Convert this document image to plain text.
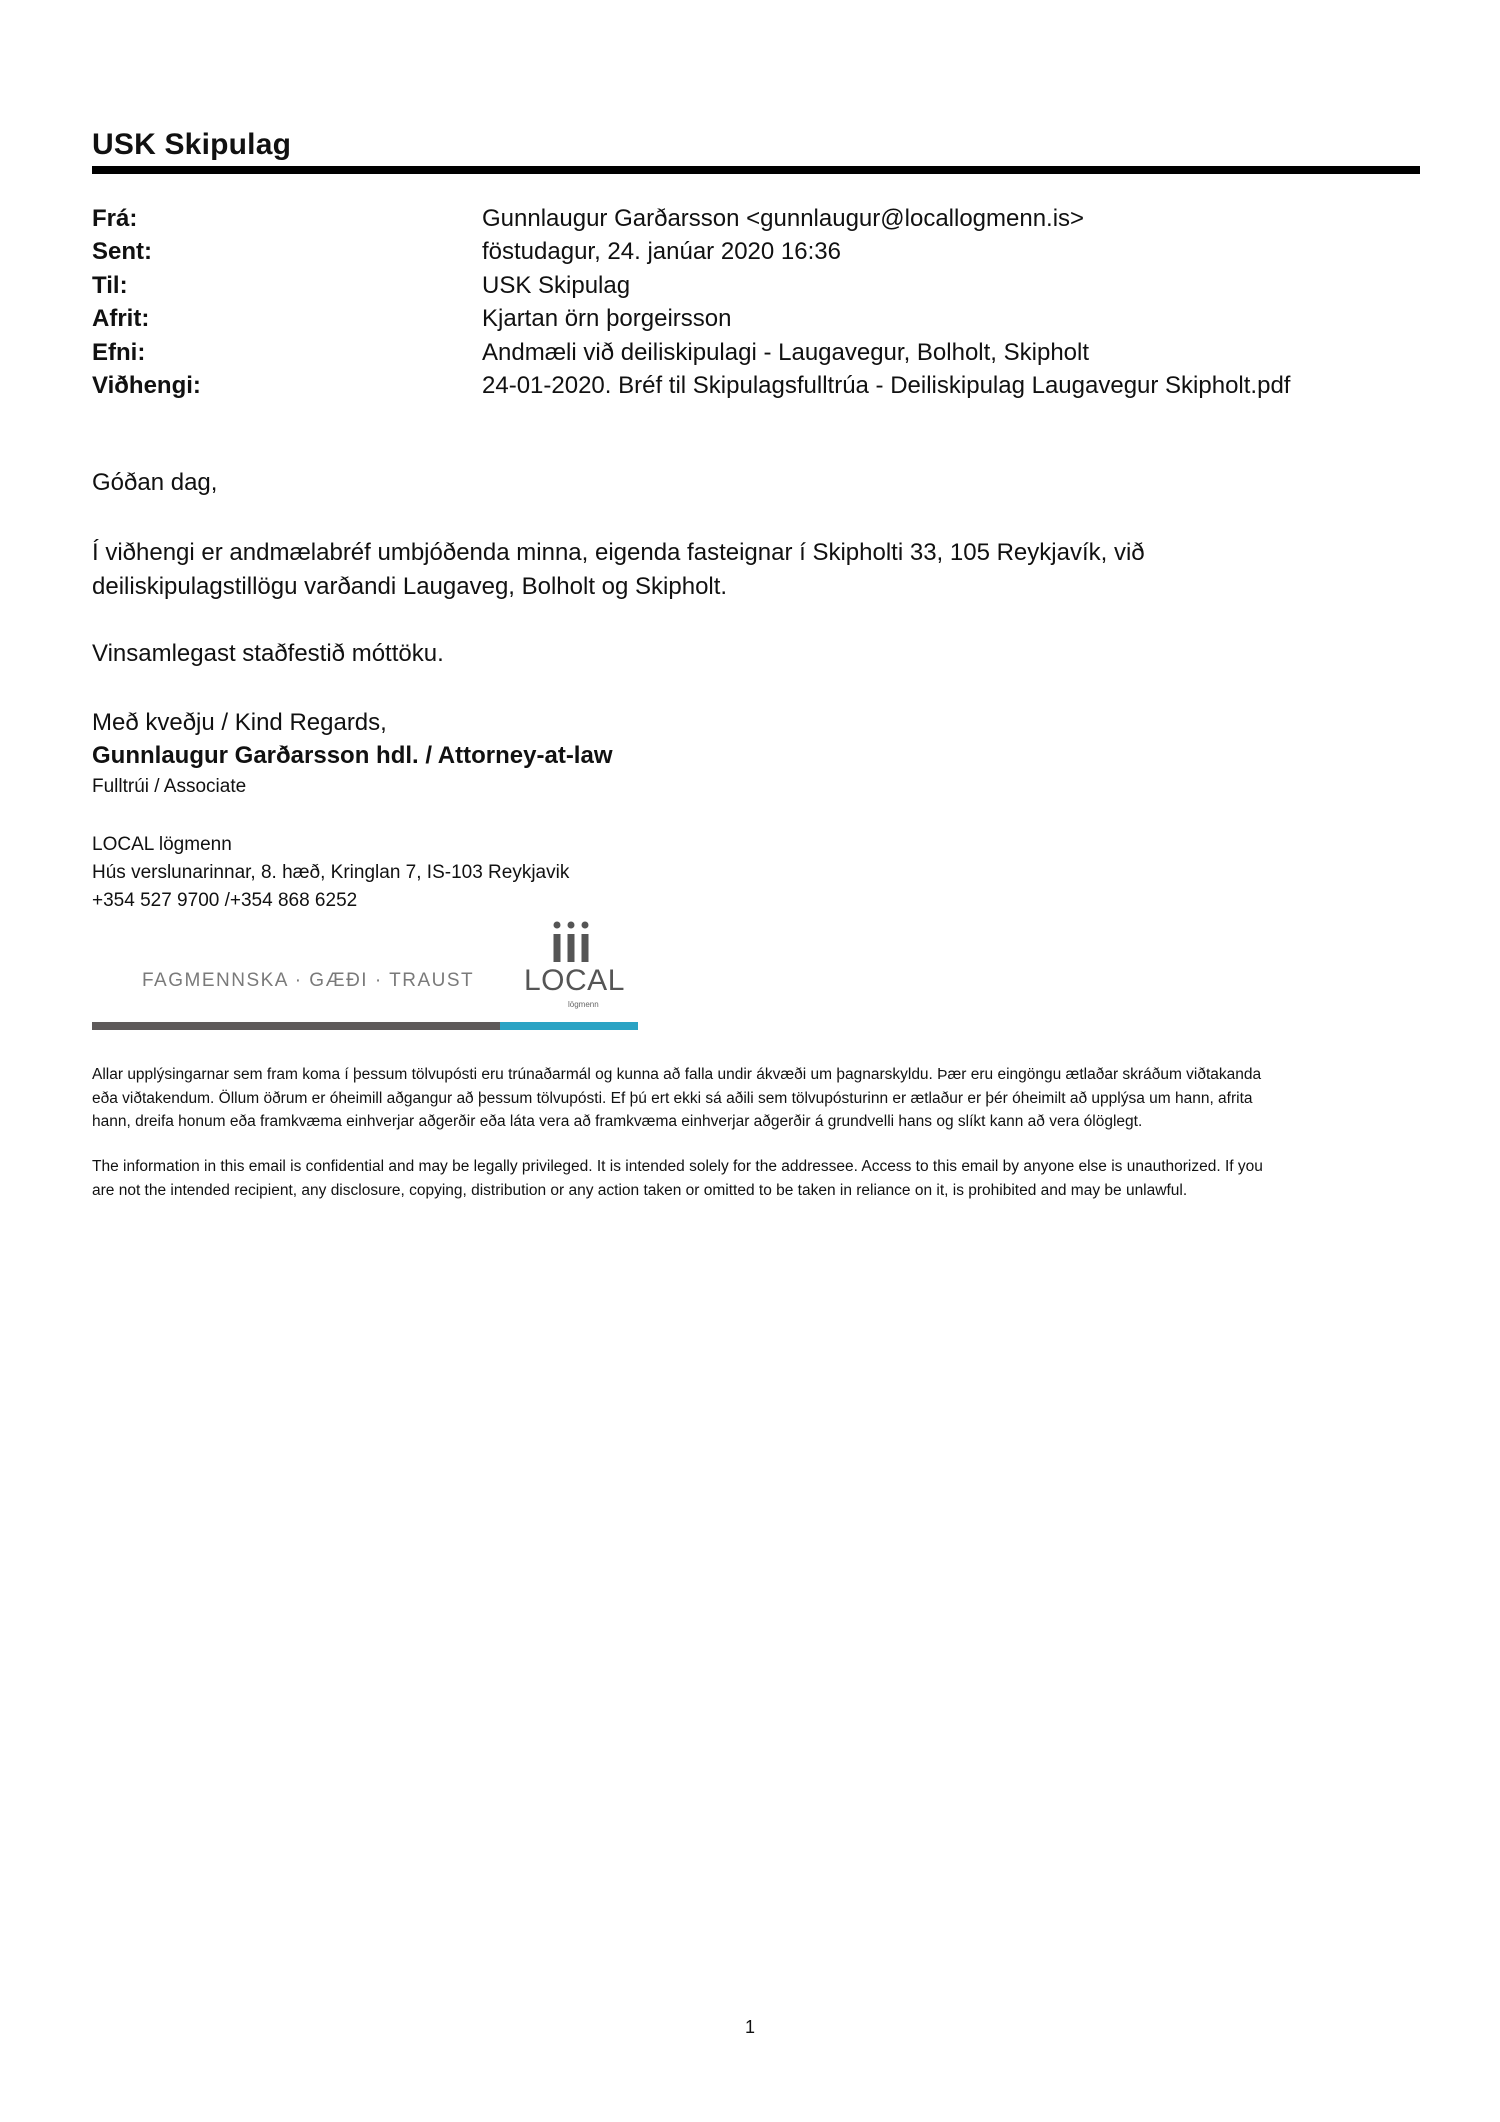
USK Skipulag
Frá:	Gunnlaugur Garðarsson <gunnlaugur@locallogmenn.is>
Sent:	föstudagur, 24. janúar 2020 16:36
Til:	USK Skipulag
Afrit:	Kjartan örn þorgeirsson
Efni:	Andmæli við deiliskipulagi - Laugavegur, Bolholt, Skipholt
Viðhengi:	24-01-2020. Bréf til Skipulagsfulltrúa - Deiliskipulag Laugavegur Skipholt.pdf
Góðan dag,
Í viðhengi er andmælabréf umbjóðenda minna, eigenda fasteignar í Skipholti 33, 105 Reykjavík, við
deiliskipulagstillögu varðandi Laugaveg, Bolholt og Skipholt.
Vinsamlegast staðfestið móttöku.
Með kveðju / Kind Regards,
Gunnlaugur Garðarsson hdl. / Attorney-at-law
Fulltrúi / Associate
LOCAL lögmenn
Hús verslunarinnar, 8. hæð, Kringlan 7, IS-103 Reykjavik
+354 527 9700 /+354 868 6252
FAGMENNSKA · GÆÐI · TRAUST LOCAL
lögmenn
Allar upplýsingarnar sem fram koma í þessum tölvupósti eru trúnaðarmál og kunna að falla undir ákvæði um þagnarskyldu. Þær eru eingöngu ætlaðar skráðum viðtakanda
eða viðtakendum. Öllum öðrum er óheimill aðgangur að þessum tölvupósti. Ef þú ert ekki sá aðili sem tölvupósturinn er ætlaður er þér óheimilt að upplýsa um hann, afrita
hann, dreifa honum eða framkvæma einhverjar aðgerðir eða láta vera að framkvæma einhverjar aðgerðir á grundvelli hans og slíkt kann að vera ólöglegt.
The information in this email is confidential and may be legally privileged. It is intended solely for the addressee. Access to this email by anyone else is unauthorized. If you
are not the intended recipient, any disclosure, copying, distribution or any action taken or omitted to be taken in reliance on it, is prohibited and may be unlawful.
1
